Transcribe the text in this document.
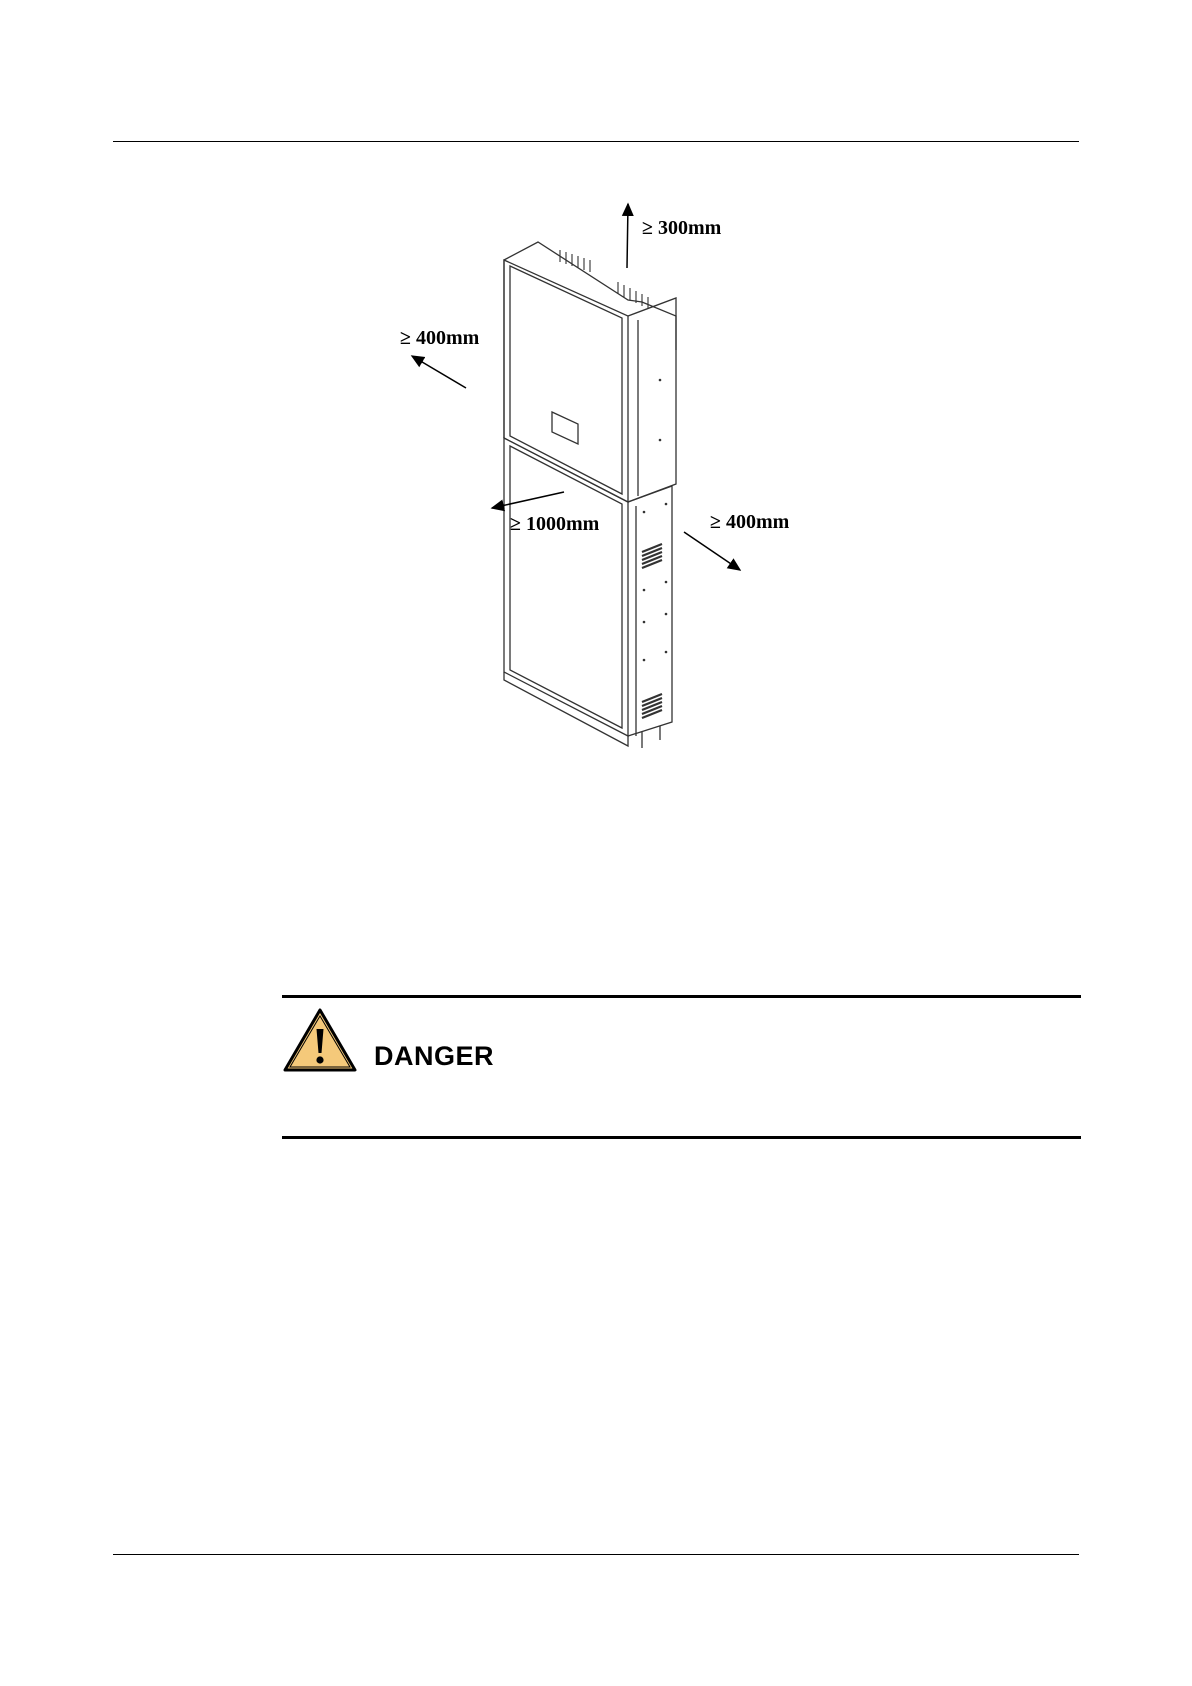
≥ 300mm
≥ 400mm
≥ 1000mm	≥ 400mm
DANGER
